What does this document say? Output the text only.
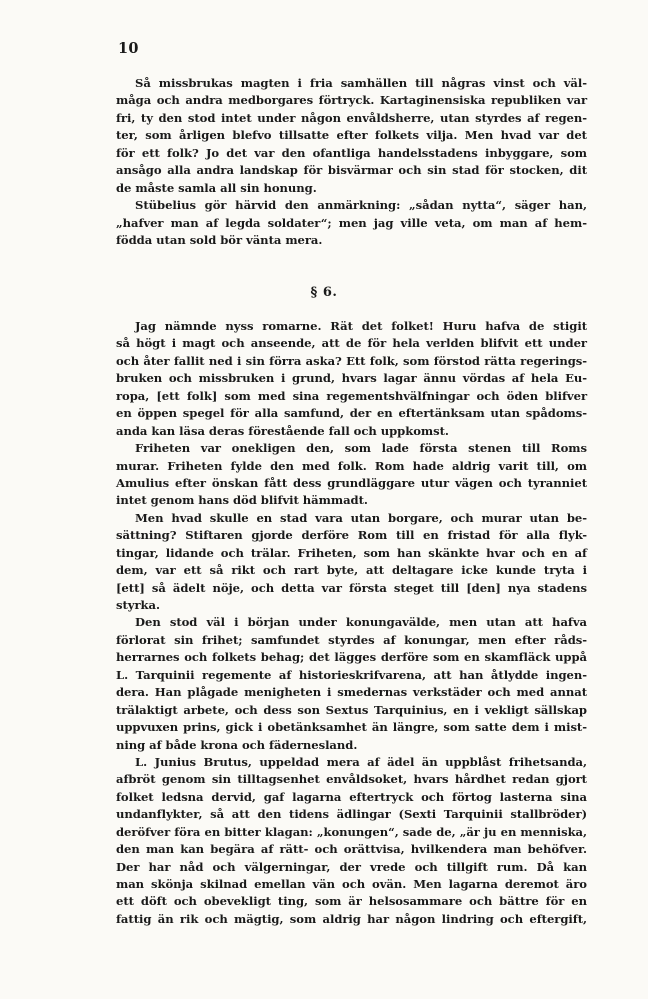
10
Så missbrukas magten i fria samhällen till någras vinst och väl-
måga och andra medborgares förtryck. Kartaginensiska republiken var
fri, ty den stod intet under någon envåldsherre, utan styrdes af regen-
ter, som årligen blefvo tillsatte efter folkets vilja. Men hvad var det
för ett folk? Jo det var den ofantliga handelsstadens inbyggare, som
ansågo alla andra landskap för bisvärmar och sin stad för stocken, dit
de måste samla all sin honung.
Stübelius gör härvid den anmärkning: „sådan nytta“, säger han,
„hafver man af legda soldater“; men jag ville veta, om man af hem-
födda utan sold bör vänta mera.
§ 6.
Jag nämnde nyss romarne. Rät det folket! Huru hafva de stigit
så högt i magt och anseende, att de för hela verlden blifvit ett under
och åter fallit ned i sin förra aska? Ett folk, som förstod rätta regerings-
bruken och missbruken i grund, hvars lagar ännu vördas af hela Eu-
ropa, [ett folk] som med sina regementshvälfningar och öden blifver
en öppen spegel för alla samfund, der en eftertänksam utan spådoms-
anda kan läsa deras förestående fall och uppkomst.
Friheten var onekligen den, som lade första stenen till Roms
murar. Friheten fylde den med folk. Rom hade aldrig varit till, om
Amulius efter önskan fått dess grundläggare utur vägen och tyranniet
intet genom hans död blifvit hämmadt.
Men hvad skulle en stad vara utan borgare, och murar utan be-
sättning? Stiftaren gjorde derföre Rom till en fristad för alla flyk-
tingar, lidande och trälar. Friheten, som han skänkte hvar och en af
dem, var ett så rikt och rart byte, att deltagare icke kunde tryta i
[ett] så ädelt nöje, och detta var första steget till [den] nya stadens
styrka.
Den stod väl i början under konungavälde, men utan att hafva
förlorat sin frihet; samfundet styrdes af konungar, men efter råds-
herrarnes och folkets behag; det lägges derföre som en skamfläck uppå
L. Tarquinii regemente af historieskrifvarena, att han åtlydde ingen-
dera. Han plågade menigheten i smedernas verkstäder och med annat
trälaktigt arbete, och dess son Sextus Tarquinius, en i vekligt sällskap
uppvuxen prins, gick i obetänksamhet än längre, som satte dem i mist-
ning af både krona och fädernesland.
L. Junius Brutus, uppeldad mera af ädel än uppblåst frihetsanda,
afbröt genom sin tilltagsenhet envåldsoket, hvars hårdhet redan gjort
folket ledsna dervid, gaf lagarna eftertryck och förtog lasterna sina
undanflykter, så att den tidens ädlingar (Sexti Tarquinii stallbröder)
deröfver föra en bitter klagan: „konungen“, sade de, „är ju en menniska,
den man kan begära af rätt- och orättvisa, hvilkendera man behöfver.
Der har nåd och välgerningar, der vrede och tillgift rum. Då kan
man skönja skilnad emellan vän och ovän. Men lagarna deremot äro
ett döft och obevekligt ting, som är helsosammare och bättre för en
fattig än rik och mägtig, som aldrig har någon lindring och eftergift,
